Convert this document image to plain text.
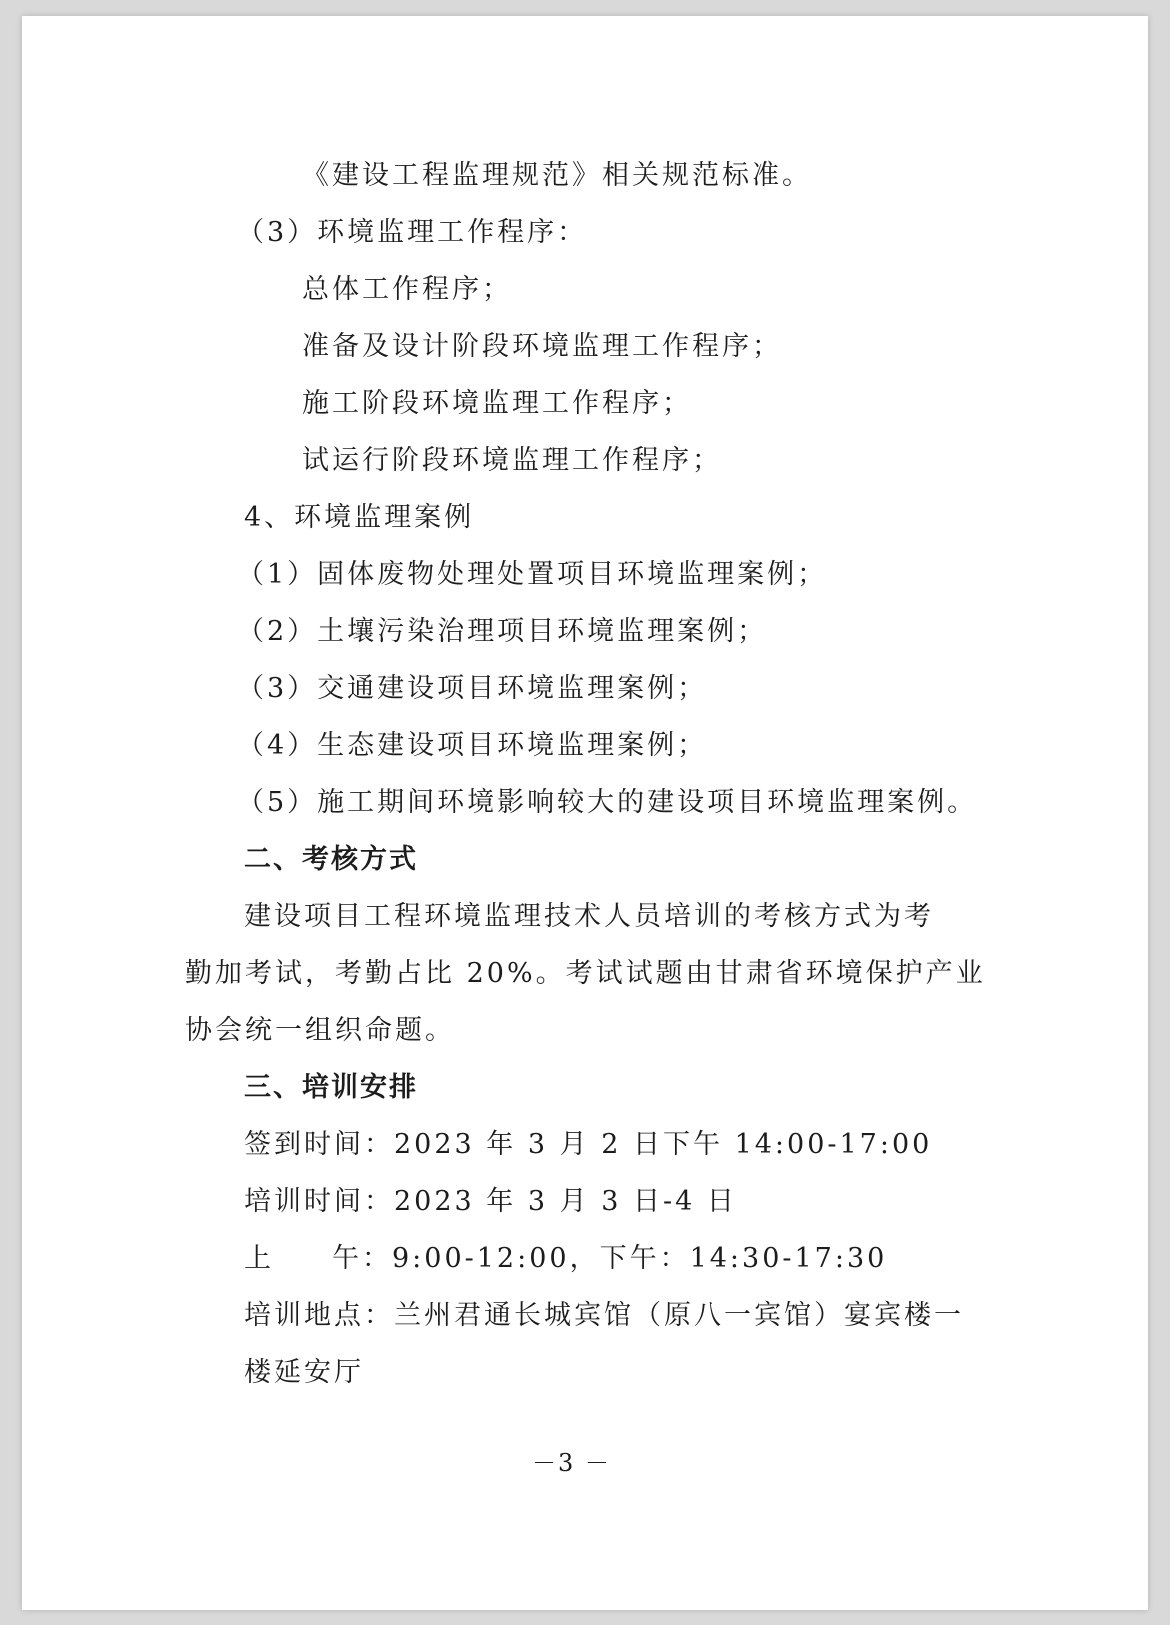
《建设工程监理规范》相关规范标准。

（3）环境监理工作程序：

总体工作程序；

准备及设计阶段环境监理工作程序；

施工阶段环境监理工作程序；

试运行阶段环境监理工作程序；

4、环境监理案例

（1）固体废物处理处置项目环境监理案例；

（2）土壤污染治理项目环境监理案例；

（3）交通建设项目环境监理案例；

（4）生态建设项目环境监理案例；

（5）施工期间环境影响较大的建设项目环境监理案例。

二、考核方式

建设项目工程环境监理技术人员培训的考核方式为考

勤加考试，考勤占比 20%。考试试题由甘肃省环境保护产业

协会统一组织命题。

三、培训安排

签到时间：2023 年 3 月 2 日下午 14:00-17:00

培训时间：2023 年 3 月 3 日-4 日

上 午：9:00-12:00，下午：14:30-17:30

培训地点：兰州君通长城宾馆（原八一宾馆）宴宾楼一

楼延安厅

－3 －
